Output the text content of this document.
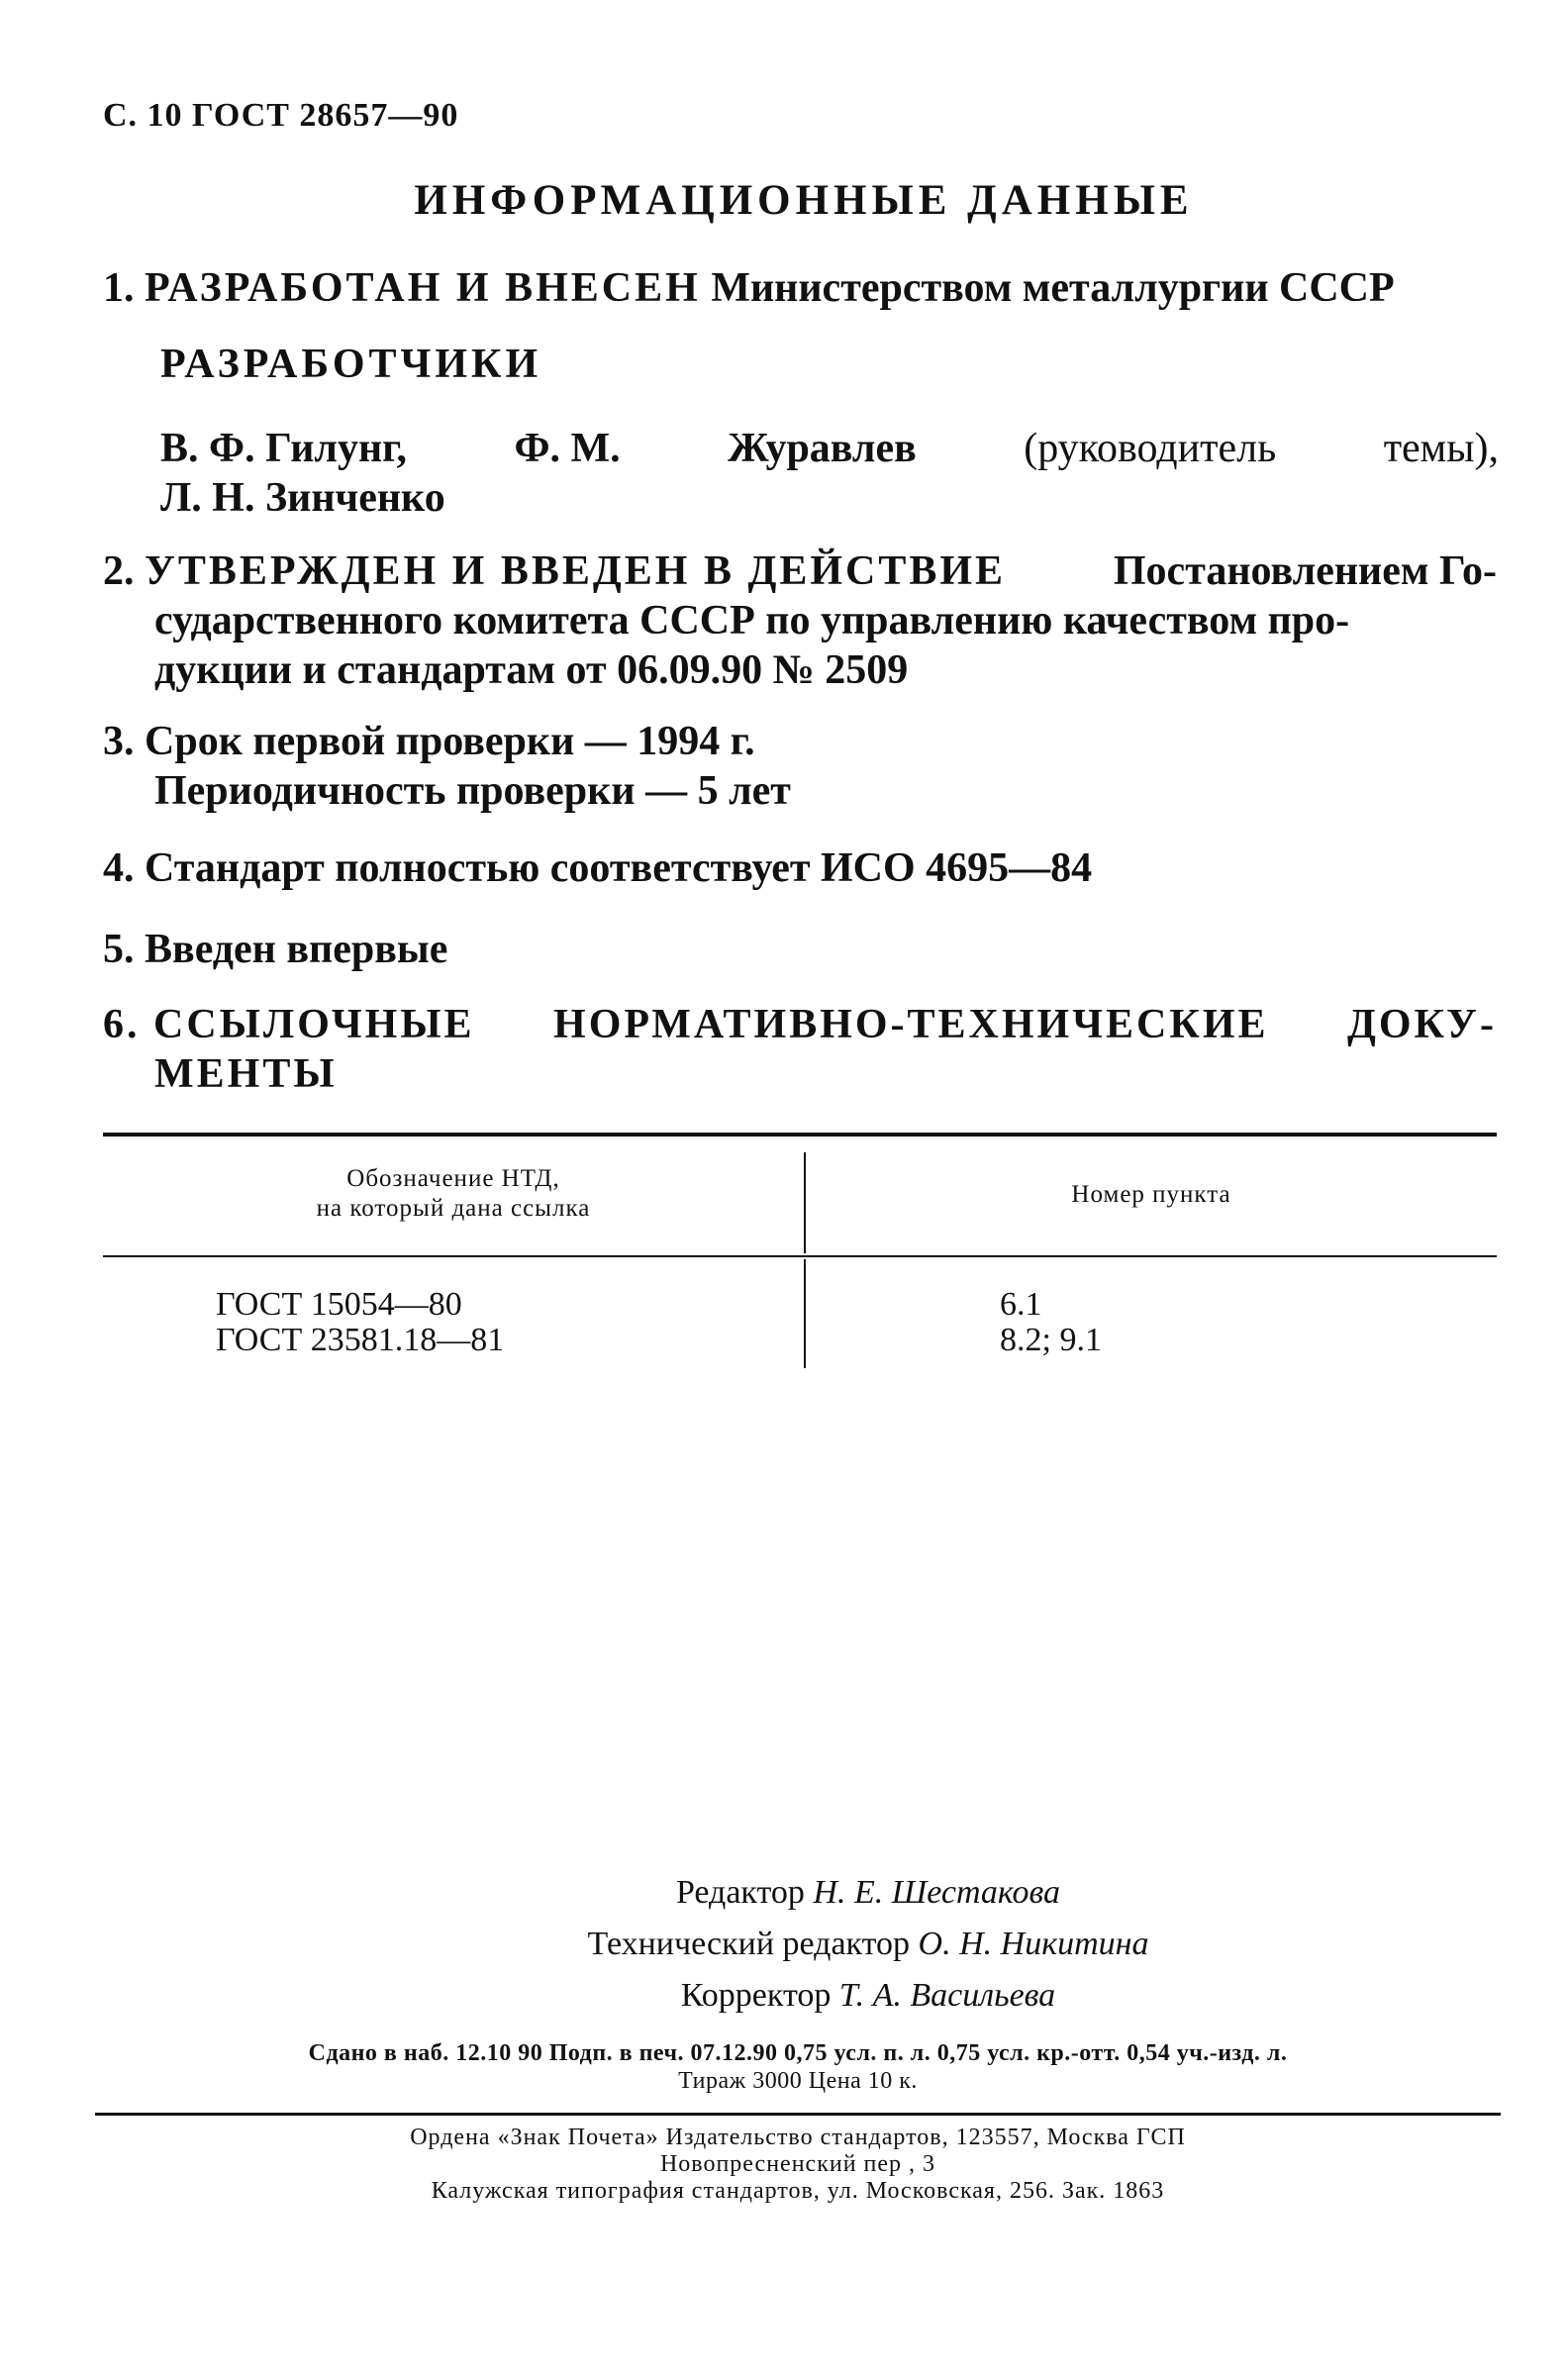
С. 10 ГОСТ 28657—90
ИНФОРМАЦИОННЫЕ ДАННЫЕ
1. РАЗРАБОТАН И ВНЕСЕН Министерством металлургии СССР
РАЗРАБОТЧИКИ
В. Ф. Гилунг,	Ф. М.	Журавлев	(руководитель	темы),
Л. Н. Зинченко
2. УТВЕРЖДЕН И ВВЕДЕН В ДЕЙСТВИЕ	Постановлением Го-
сударственного комитета СССР по управлению качеством про-
дукции и стандартам от 06.09.90 № 2509
3. Срок первой проверки — 1994 г.
Периодичность проверки — 5 лет
4. Стандарт полностью соответствует ИСО 4695—84
5. Введен впервые
6. ССЫЛОЧНЫЕ НОРМАТИВНО-ТЕХНИЧЕСКИЕ ДОКУ-
МЕНТЫ
Обозначение НТД,
на который дана ссылка
Номер пункта
ГОСТ 15054—80	6.1
ГОСТ 23581.18—81	8.2; 9.1
Редактор Н. Е. Шестакова
Технический редактор О. Н. Никитина
Корректор Т. А. Васильева
Сдано в наб. 12.10 90 Подп. в печ. 07.12.90 0,75 усл. п. л. 0,75 усл. кр.-отт. 0,54 уч.-изд. л.
Тираж 3000 Цена 10 к.
Ордена «Знак Почета» Издательство стандартов, 123557, Москва ГСП
Новопресненский пер , 3
Калужская типография стандартов, ул. Московская, 256. Зак. 1863
